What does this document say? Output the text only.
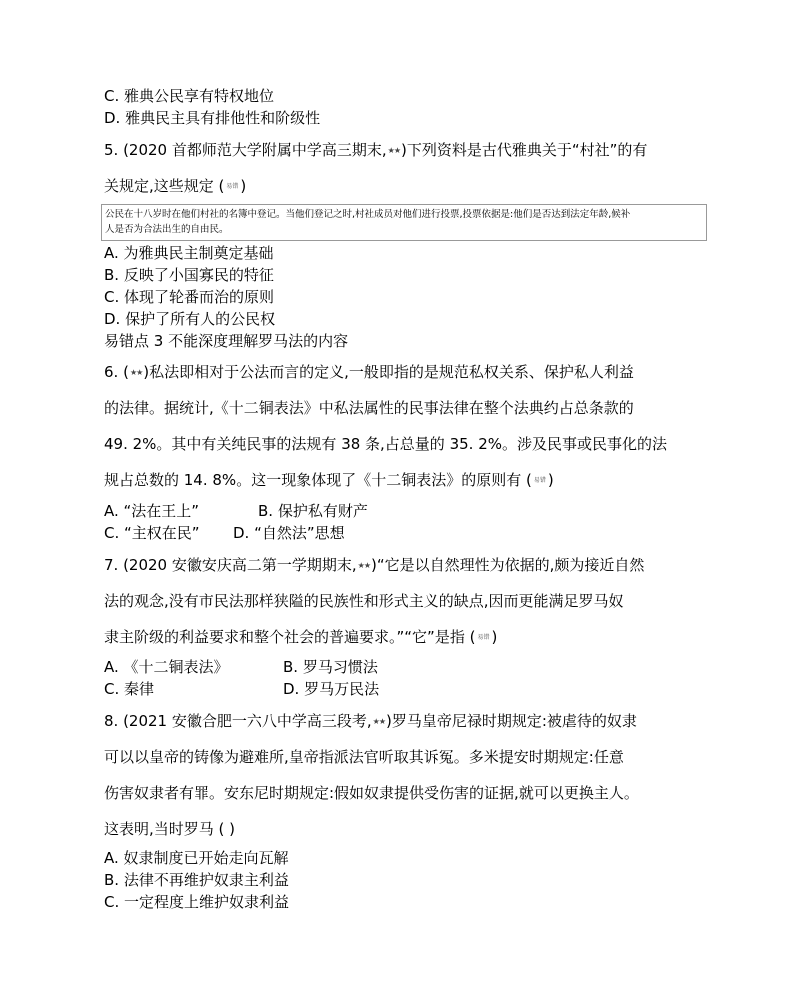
C. 雅典公民享有特权地位
D. 雅典民主具有排他性和阶级性
5. (2020 首都师范大学附属中学高三期末,★★)下列资料是古代雅典关于“村社”的有
关规定,这些规定 ( 易错 )
公民在十八岁时在他们村社的名簿中登记。当他们登记之时,村社成员对他们进行投票,投票依据是:他们是否达到法定年龄,候补
人是否为合法出生的自由民。
A. 为雅典民主制奠定基础
B. 反映了小国寡民的特征
C. 体现了轮番而治的原则
D. 保护了所有人的公民权
易错点 3 不能深度理解罗马法的内容
6. (★★)私法即相对于公法而言的定义,一般即指的是规范私权关系、保护私人利益
的法律。据统计,《十二铜表法》中私法属性的民事法律在整个法典约占总条款的
49. 2%。其中有关纯民事的法规有 38 条,占总量的 35. 2%。涉及民事或民事化的法
规占总数的 14. 8%。这一现象体现了《十二铜表法》的原则有 ( 易错 )
A. “法在王上”	B. 保护私有财产
C. “主权在民” D. “自然法”思想
7. (2020 安徽安庆高二第一学期期末,★★)“它是以自然理性为依据的,颇为接近自然
法的观念,没有市民法那样狭隘的民族性和形式主义的缺点,因而更能满足罗马奴
隶主阶级的利益要求和整个社会的普遍要求。”“它”是指 ( 易错 )
A. 《十二铜表法》	B. 罗马习惯法
C. 秦律	D. 罗马万民法
8. (2021 安徽合肥一六八中学高三段考,★★)罗马皇帝尼禄时期规定:被虐待的奴隶
可以以皇帝的铸像为避难所,皇帝指派法官听取其诉冤。多米提安时期规定:任意
伤害奴隶者有罪。安东尼时期规定:假如奴隶提供受伤害的证据,就可以更换主人。
这表明,当时罗马 ( )
A. 奴隶制度已开始走向瓦解
B. 法律不再维护奴隶主利益
C. 一定程度上维护奴隶利益
